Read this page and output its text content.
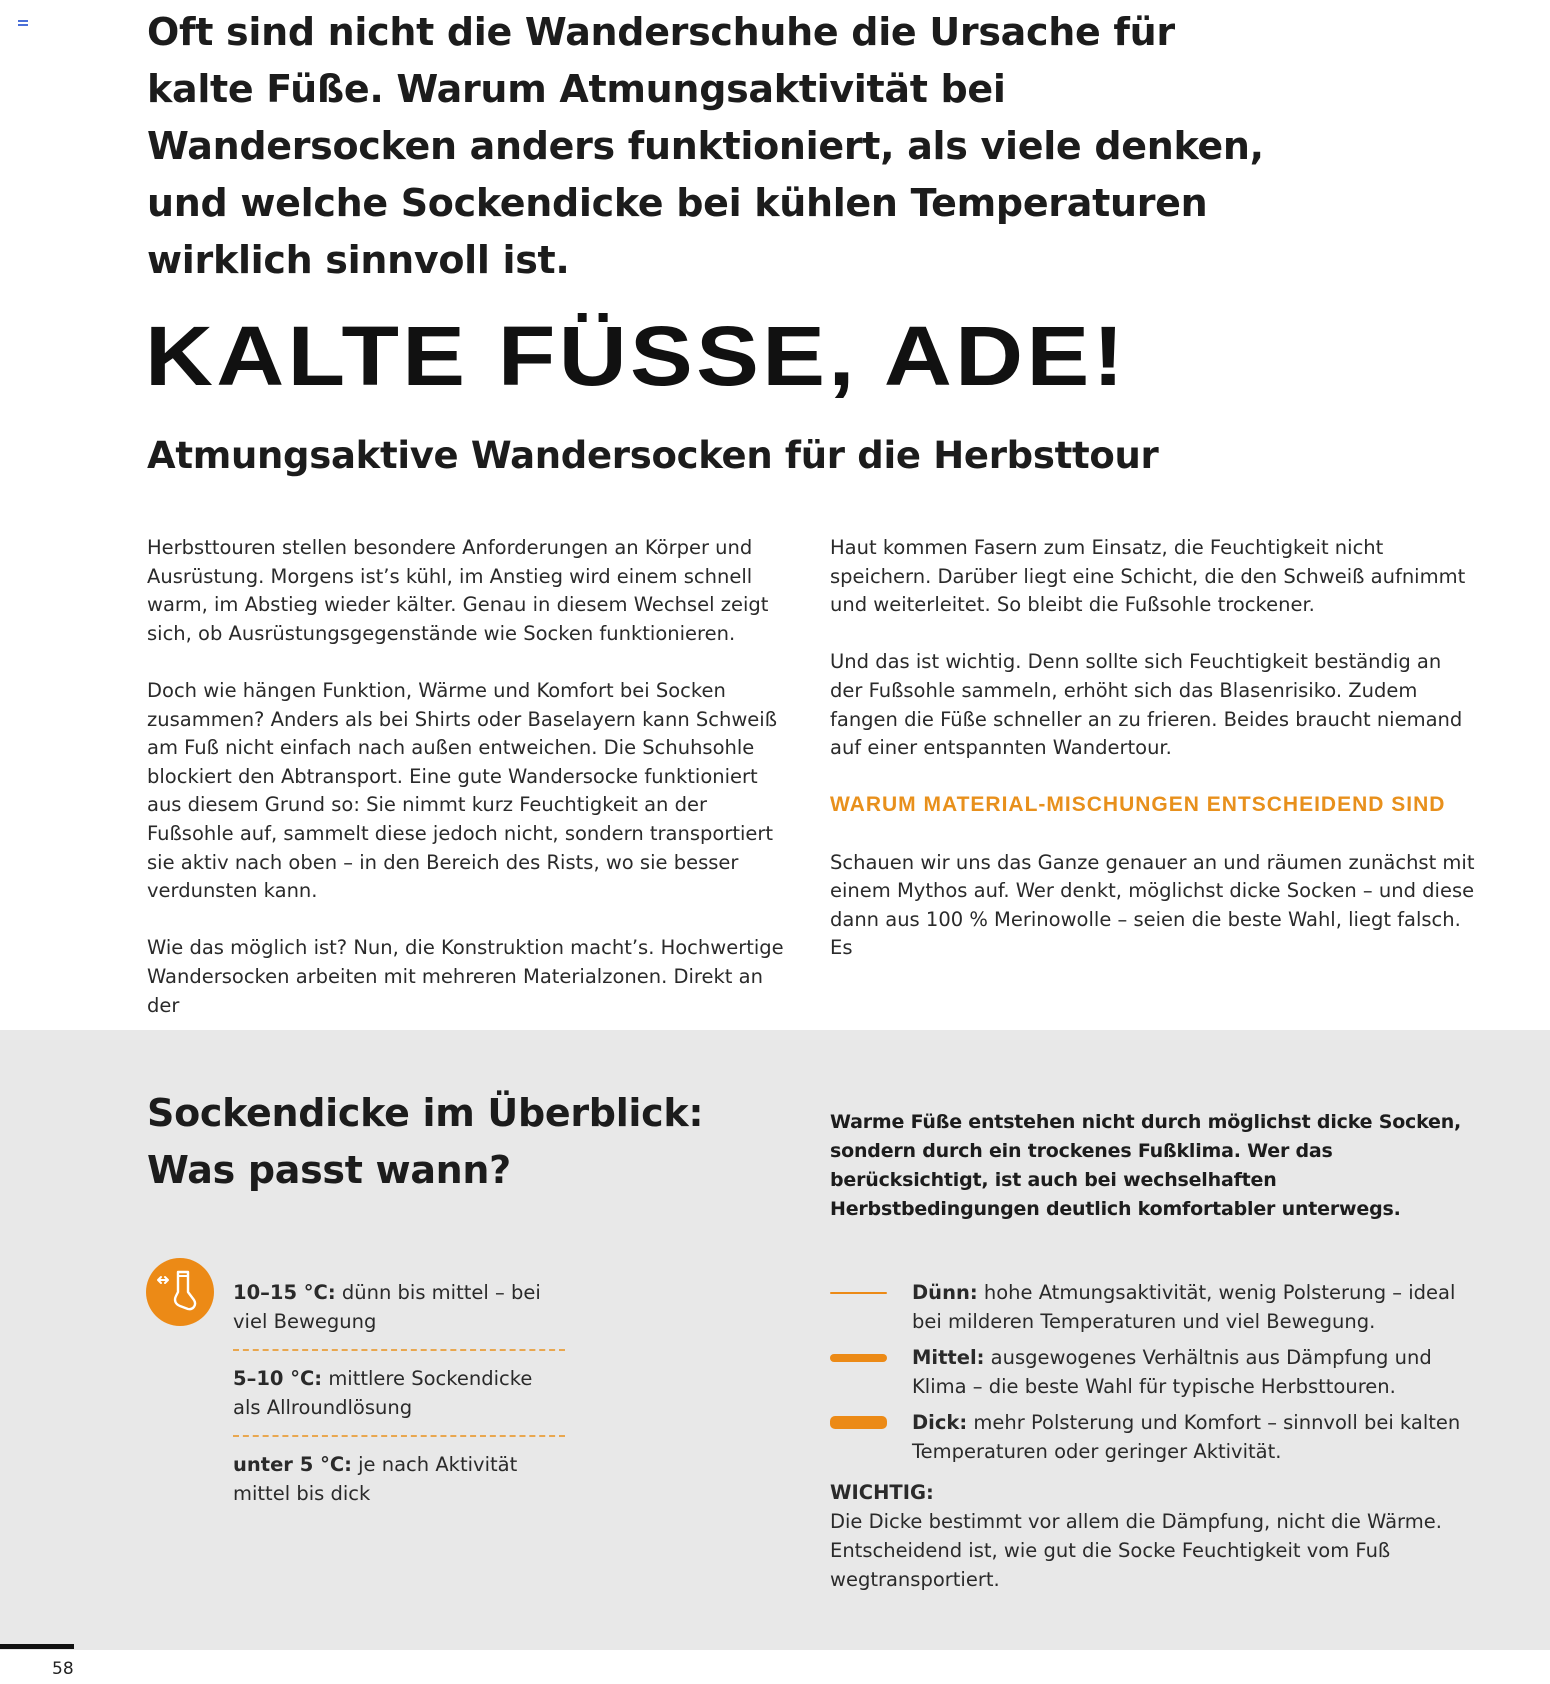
Oft sind nicht die Wanderschuhe die Ursache für kalte Füße. Warum Atmungsaktivität bei Wandersocken anders funktioniert, als viele denken, und welche Sockendicke bei kühlen Temperaturen wirklich sinnvoll ist.
KALTE FÜSSE, ADE!
Atmungsaktive Wandersocken für die Herbsttour

Herbsttouren stellen besondere Anforderungen an Körper und Ausrüstung. Morgens ist’s kühl, im Anstieg wird einem schnell warm, im Abstieg wieder kälter. Genau in diesem Wechsel zeigt sich, ob Ausrüstungsgegenstände wie Socken funktionieren.

Doch wie hängen Funktion, Wärme und Komfort bei Socken zusammen? Anders als bei Shirts oder Baselayern kann Schweiß am Fuß nicht einfach nach außen entweichen. Die Schuhsohle blockiert den Abtransport. Eine gute Wandersocke funktioniert aus diesem Grund so: Sie nimmt kurz Feuchtigkeit an der Fußsohle auf, sammelt diese jedoch nicht, sondern transportiert sie aktiv nach oben – in den Bereich des Rists, wo sie besser verdunsten kann.

Wie das möglich ist? Nun, die Konstruktion macht’s. Hochwertige Wandersocken arbeiten mit mehreren Materialzonen. Direkt an der

Haut kommen Fasern zum Einsatz, die Feuchtigkeit nicht speichern. Darüber liegt eine Schicht, die den Schweiß aufnimmt und weiterleitet. So bleibt die Fußsohle trockener.

Und das ist wichtig. Denn sollte sich Feuchtigkeit beständig an der Fußsohle sammeln, erhöht sich das Blasenrisiko. Zudem fangen die Füße schneller an zu frieren. Beides braucht niemand auf einer entspannten Wandertour.

WARUM MATERIAL-MISCHUNGEN ENTSCHEIDEND SIND

Schauen wir uns das Ganze genauer an und räumen zunächst mit einem Mythos auf. Wer denkt, möglichst dicke Socken – und diese dann aus 100 % Merinowolle – seien die beste Wahl, liegt falsch. Es

Sockendicke im Überblick:
Was passt wann?
Warme Füße entstehen nicht durch möglichst dicke Socken, sondern durch ein trockenes Fußklima. Wer das berücksichtigt, ist auch bei wechselhaften Herbstbedingungen deutlich komfortabler unterwegs.
10–15 °C: dünn bis mittel – bei viel Bewegung
5–10 °C: mittlere Sockendicke als Allroundlösung
unter 5 °C: je nach Aktivität mittel bis dick
Dünn: hohe Atmungsaktivität, wenig Polsterung – ideal bei milderen Temperaturen und viel Bewegung.
Mittel: ausgewogenes Verhältnis aus Dämpfung und Klima – die beste Wahl für typische Herbsttouren.
Dick: mehr Polsterung und Komfort – sinnvoll bei kalten Temperaturen oder geringer Aktivität.
WICHTIG:
Die Dicke bestimmt vor allem die Dämpfung, nicht die Wärme. Entscheidend ist, wie gut die Socke Feuchtigkeit vom Fuß wegtransportiert.
58
